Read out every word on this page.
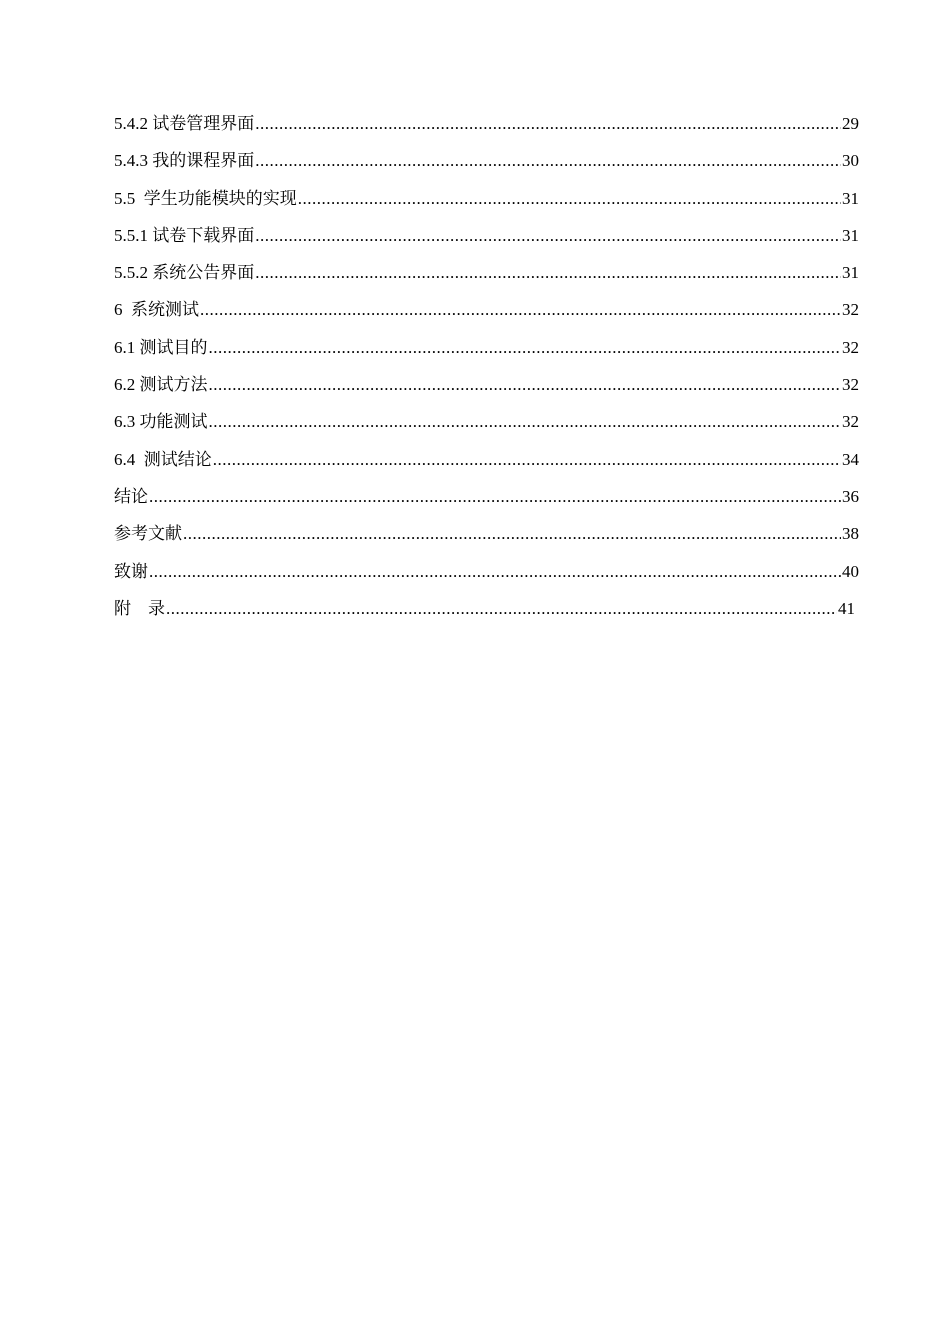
5.4.2 试卷管理界面 .....	29
5.4.3 我的课程界面 .....	30
5.5  学生功能模块的实现 .....	31
5.5.1 试卷下载界面 .....	31
5.5.2 系统公告界面 .....	31
6  系统测试 .....	32
6.1 测试目的 .....	32
6.2 测试方法 .....	32
6.3 功能测试 .....	32
6.4  测试结论 .....	34
结论 .....	36
参考文献 .....	38
致谢 .....	40
附    录 .....	41
